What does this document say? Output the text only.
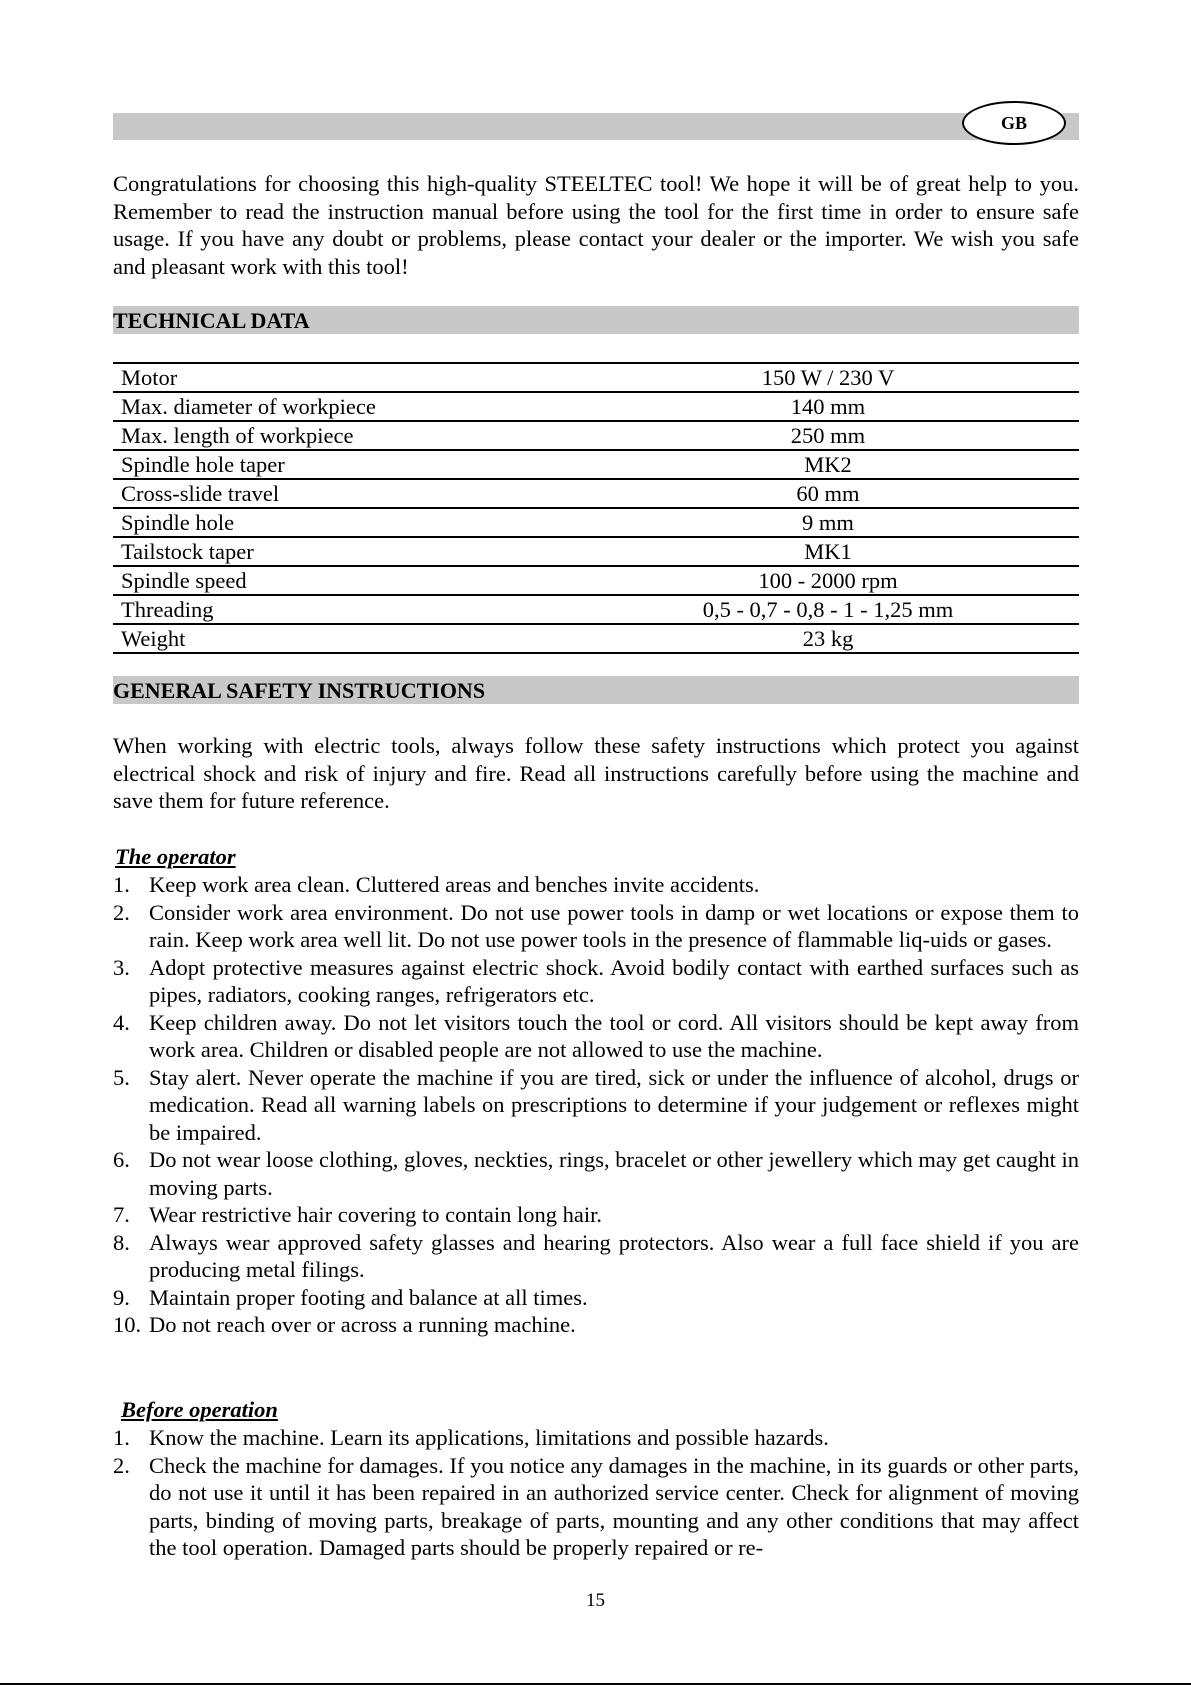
GB
Congratulations for choosing this high-quality STEELTEC tool! We hope it will be of great help to you. Remember to read the instruction manual before using the tool for the first time in order to ensure safe usage. If you have any doubt or problems, please contact your dealer or the importer. We wish you safe and pleasant work with this tool!
TECHNICAL DATA
Motor	150 W / 230 V
Max. diameter of workpiece	140 mm
Max. length of workpiece	250 mm
Spindle hole taper	MK2
Cross-slide travel	60 mm
Spindle hole	9 mm
Tailstock taper	MK1
Spindle speed	100 - 2000 rpm
Threading	0,5 - 0,7 - 0,8 - 1 - 1,25 mm
Weight	23 kg
GENERAL SAFETY INSTRUCTIONS
When working with electric tools, always follow these safety instructions which protect you against electrical shock and risk of injury and fire. Read all instructions carefully before using the machine and save them for future reference.
The operator
1. Keep work area clean. Cluttered areas and benches invite accidents.
2. Consider work area environment. Do not use power tools in damp or wet locations or expose them to rain. Keep work area well lit. Do not use power tools in the presence of flammable liq-uids or gases.
3. Adopt protective measures against electric shock. Avoid bodily contact with earthed surfaces such as pipes, radiators, cooking ranges, refrigerators etc.
4. Keep children away. Do not let visitors touch the tool or cord. All visitors should be kept away from work area. Children or disabled people are not allowed to use the machine.
5. Stay alert. Never operate the machine if you are tired, sick or under the influence of alcohol, drugs or medication. Read all warning labels on prescriptions to determine if your judgement or reflexes might be impaired.
6. Do not wear loose clothing, gloves, neckties, rings, bracelet or other jewellery which may get caught in moving parts.
7. Wear restrictive hair covering to contain long hair.
8. Always wear approved safety glasses and hearing protectors. Also wear a full face shield if you are producing metal filings.
9. Maintain proper footing and balance at all times.
10. Do not reach over or across a running machine.
Before operation
1. Know the machine. Learn its applications, limitations and possible hazards.
2. Check the machine for damages. If you notice any damages in the machine, in its guards or other parts, do not use it until it has been repaired in an authorized service center. Check for alignment of moving parts, binding of moving parts, breakage of parts, mounting and any other conditions that may affect the tool operation. Damaged parts should be properly repaired or re-
15
